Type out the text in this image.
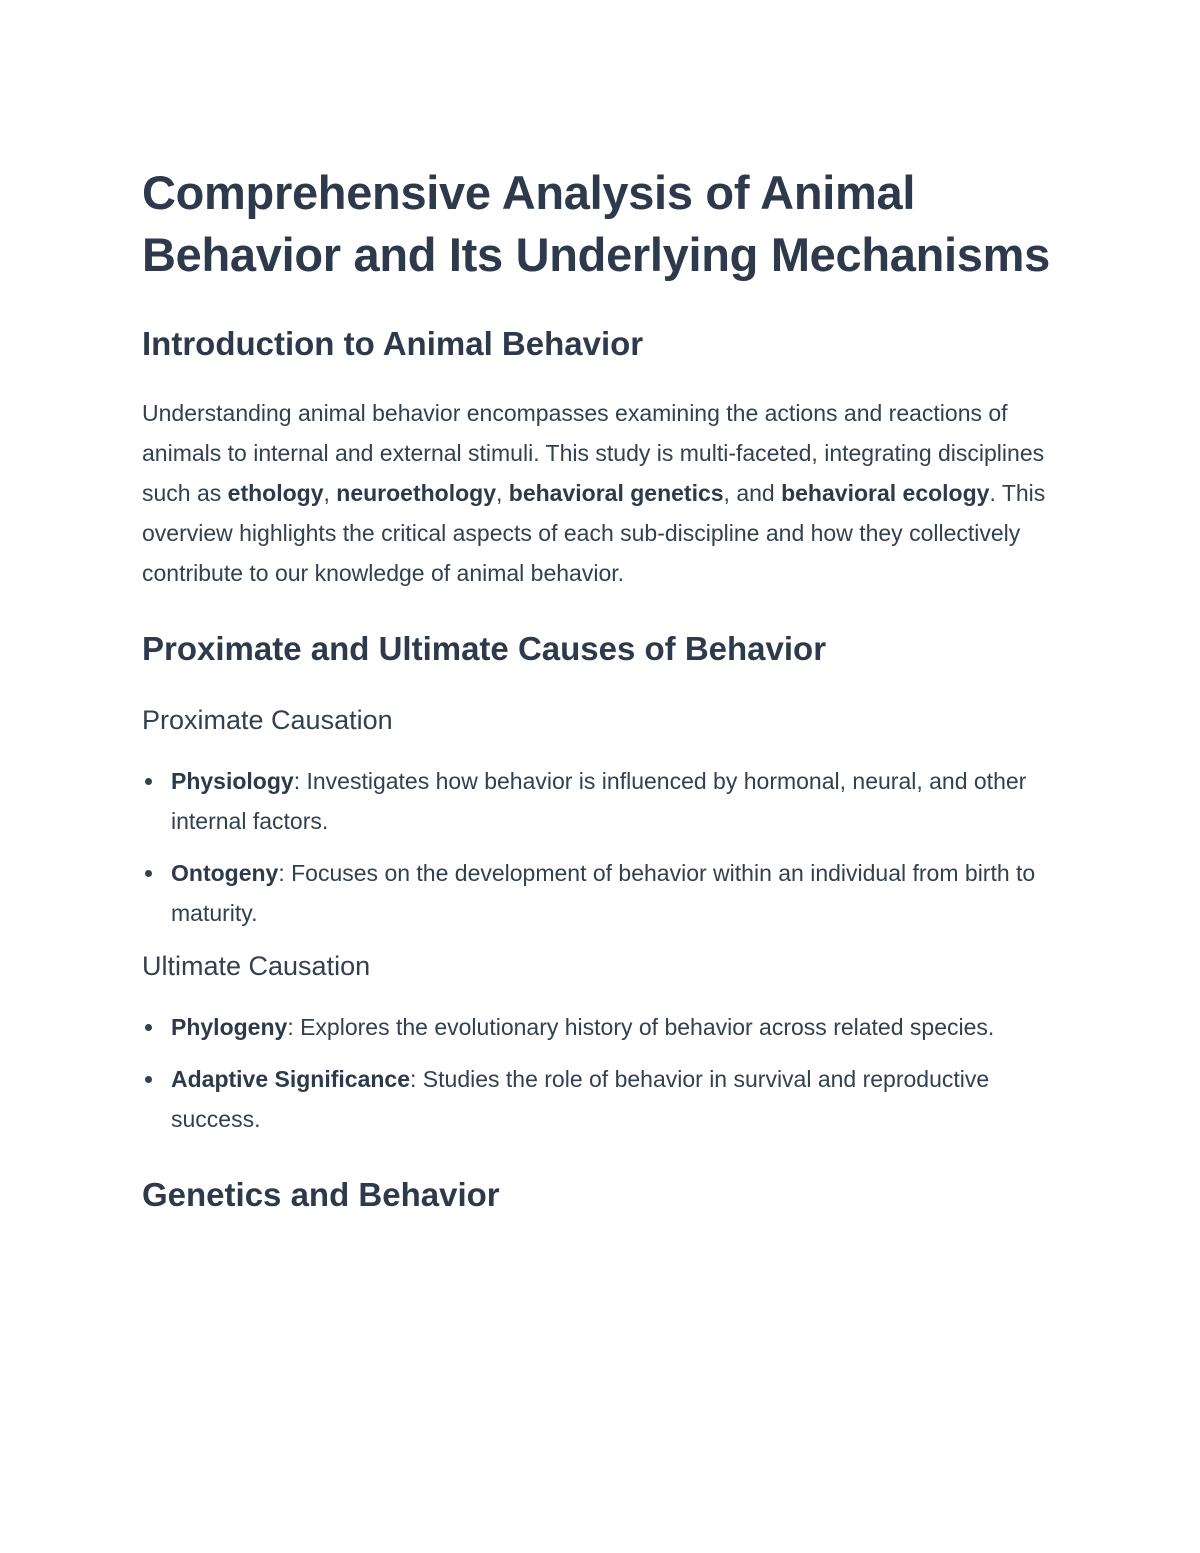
Comprehensive Analysis of Animal Behavior and Its Underlying Mechanisms
Introduction to Animal Behavior

Understanding animal behavior encompasses examining the actions and reactions of animals to internal and external stimuli. This study is multi-faceted, integrating disciplines such as ethology, neuroethology, behavioral genetics, and behavioral ecology. This overview highlights the critical aspects of each sub-discipline and how they collectively contribute to our knowledge of animal behavior.

Proximate and Ultimate Causes of Behavior
Proximate Causation
Physiology: Investigates how behavior is influenced by hormonal, neural, and other internal factors.
Ontogeny: Focuses on the development of behavior within an individual from birth to maturity.
Ultimate Causation
Phylogeny: Explores the evolutionary history of behavior across related species.
Adaptive Significance: Studies the role of behavior in survival and reproductive success.
Genetics and Behavior
